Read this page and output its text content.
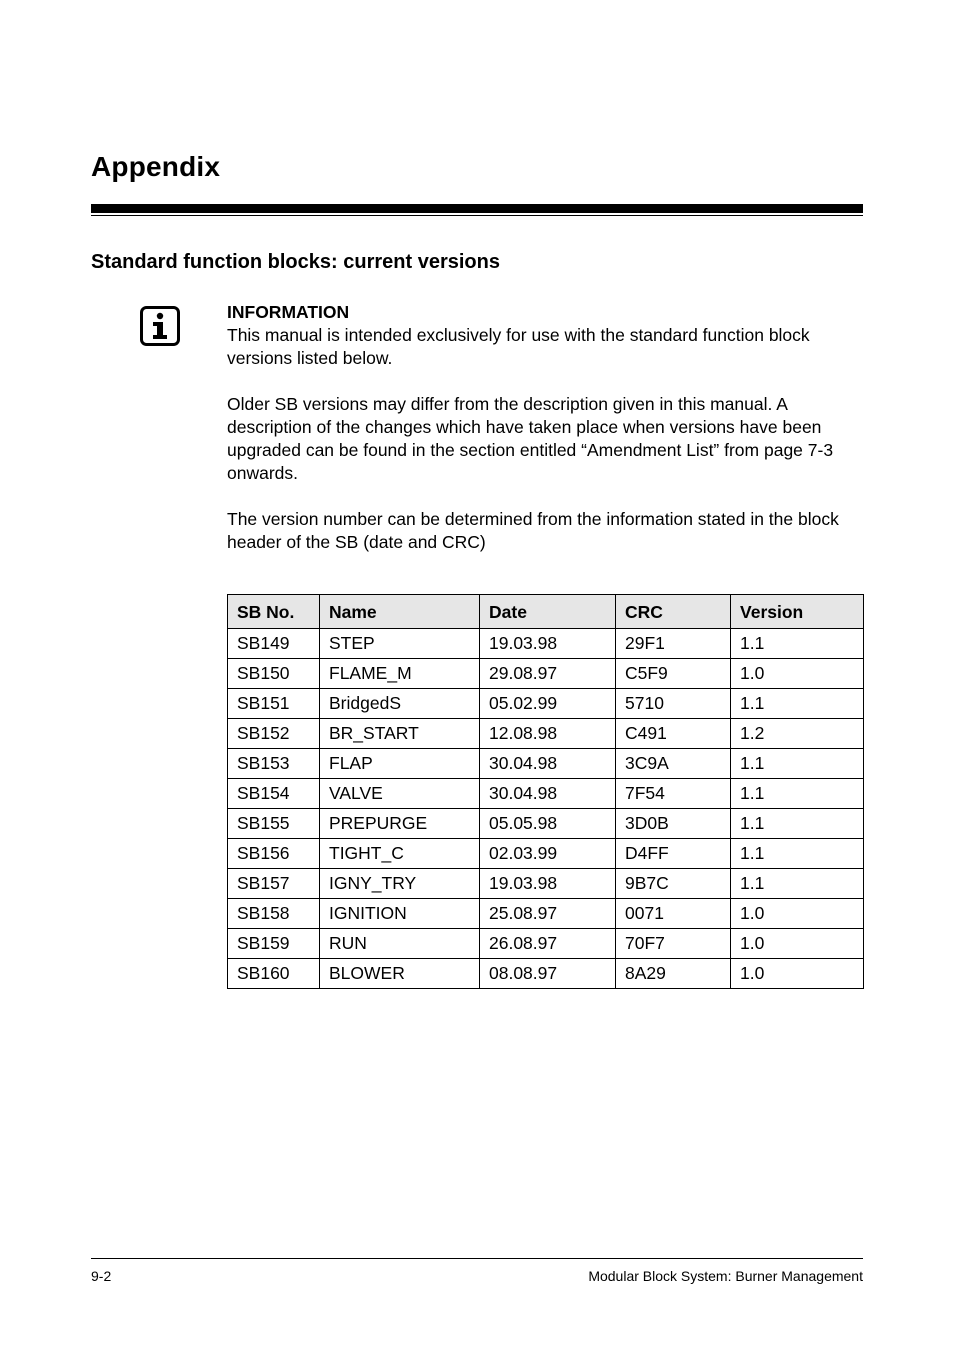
Appendix
Standard function blocks: current versions

INFORMATION

This manual is intended exclusively for use with the standard function block versions listed below.

Older SB versions may differ from the description given in this manual. A description of the changes which have taken place when versions have been upgraded can be found in the section entitled “Amendment List” from page 7-3 onwards.

The version number can be determined from the information stated in the block header of the SB (date and CRC)

SB No.	Name	Date	CRC	Version
SB149	STEP	19.03.98	29F1	1.1
SB150	FLAME_M	29.08.97	C5F9	1.0
SB151	BridgedS	05.02.99	5710	1.1
SB152	BR_START	12.08.98	C491	1.2
SB153	FLAP	30.04.98	3C9A	1.1
SB154	VALVE	30.04.98	7F54	1.1
SB155	PREPURGE	05.05.98	3D0B	1.1
SB156	TIGHT_C	02.03.99	D4FF	1.1
SB157	IGNY_TRY	19.03.98	9B7C	1.1
SB158	IGNITION	25.08.97	0071	1.0
SB159	RUN	26.08.97	70F7	1.0
SB160	BLOWER	08.08.97	8A29	1.0
9-2	Modular Block System: Burner Management
